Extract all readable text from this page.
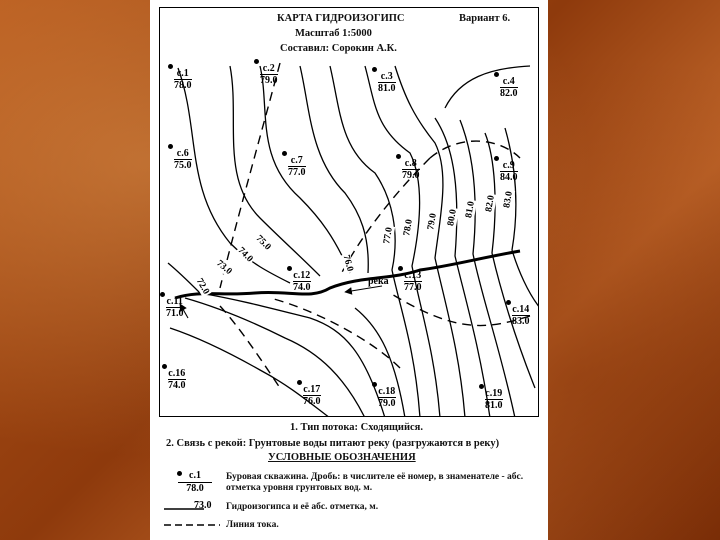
КАРТА ГИДРОИЗОГИПС	Вариант 6.
Масштаб 1:5000
Составил: Сорокин А.К.
река
72.0
73.0
74.0
75.0
76.0
77.0 78.0 79.0 80.0 81.0 82.0 83.0
с.1
78.0
с.2
79.0	с.3
81.0
с.4
82.0
с.6
75.0	с.7
77.0
с.8
79.0
с.9
84.0
с.11
71.0
с.12
74.0
с.13
77.0
с.14
83.0
с.16
74.0	с.17
76.0
с.18
79.0
с.19
81.0
1. Тип потока: Сходящийся.
2. Связь с рекой: Грунтовые воды питают реку (разгружаются в реку)
УСЛОВНЫЕ ОБОЗНАЧЕНИЯ
с.1
78.0
Буровая скважина. Дробь: в числителе её номер, в знаменателе - абс. отметка уровня грунтовых вод. м.
73.0 Гидроизогипса и её абс. отметка, м.
Линия тока.
